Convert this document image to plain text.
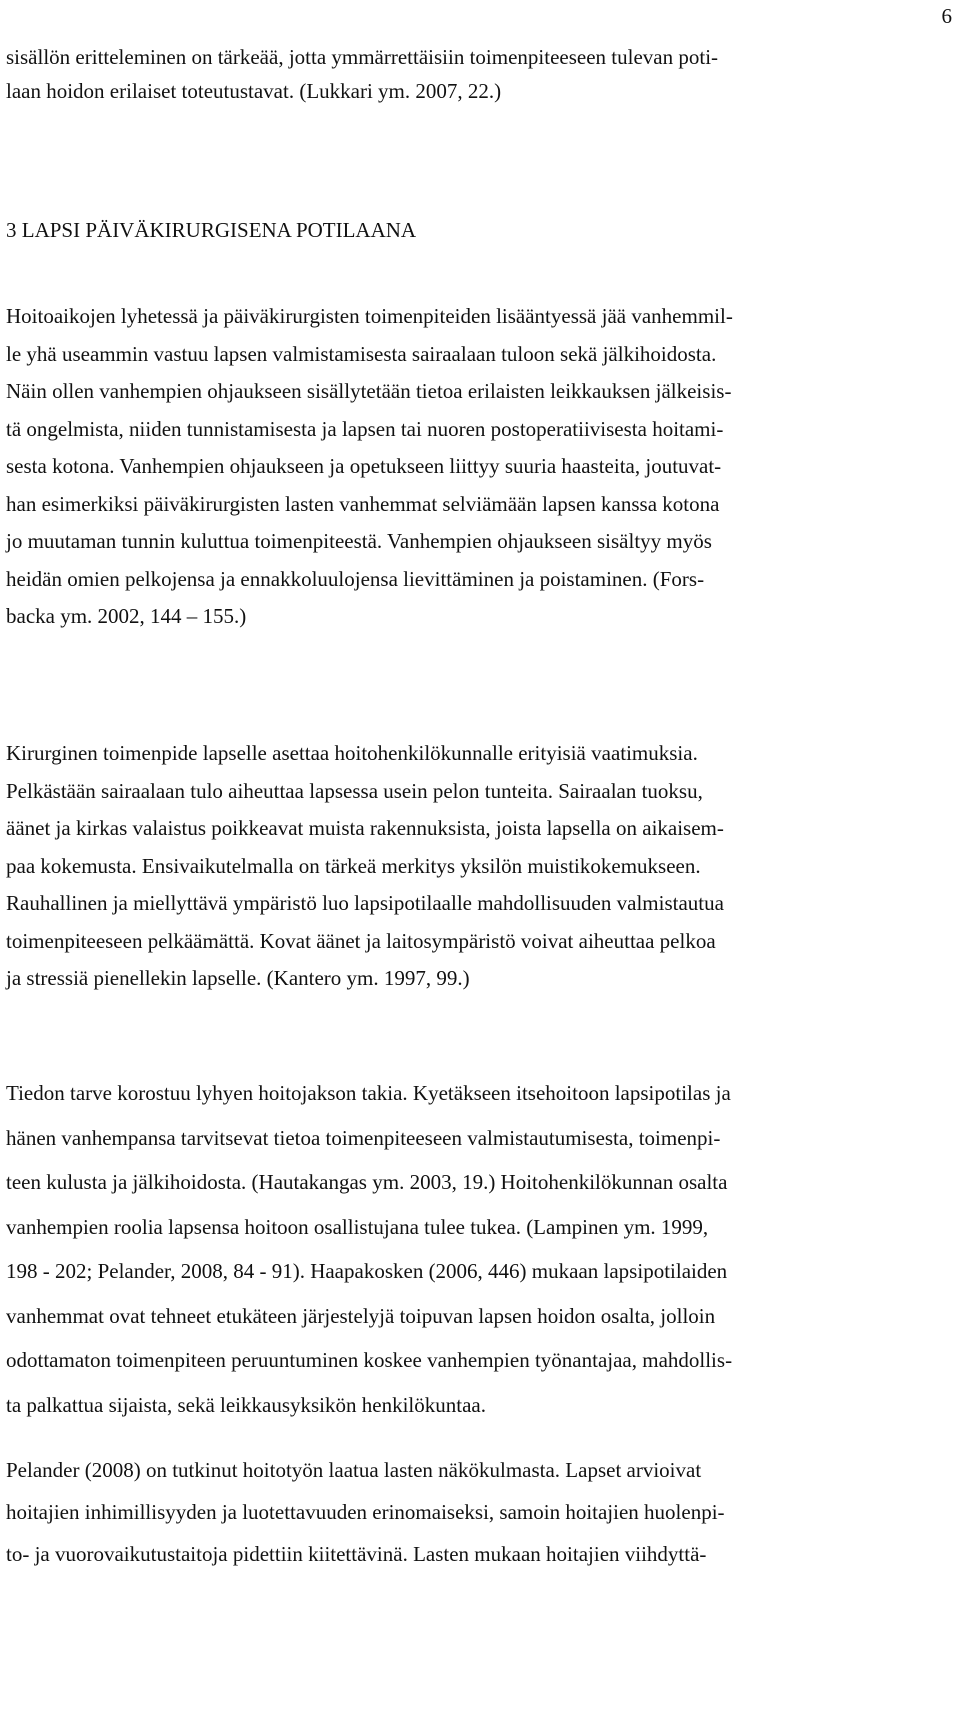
6
sisällön eritteleminen on tärkeää, jotta ymmärrettäisiin toimenpiteeseen tulevan poti-
laan hoidon erilaiset toteutustavat. (Lukkari ym. 2007, 22.)
3 LAPSI PÄIVÄKIRURGISENA POTILAANA
Hoitoaikojen lyhetessä ja päiväkirurgisten toimenpiteiden lisääntyessä jää vanhemmil-
le yhä useammin vastuu lapsen valmistamisesta sairaalaan tuloon sekä jälkihoidosta.
Näin ollen vanhempien ohjaukseen sisällytetään tietoa erilaisten leikkauksen jälkeisis-
tä ongelmista, niiden tunnistamisesta ja lapsen tai nuoren postoperatiivisesta hoitami-
sesta kotona. Vanhempien ohjaukseen ja opetukseen liittyy suuria haasteita, joutuvat-
han esimerkiksi päiväkirurgisten lasten vanhemmat selviämään lapsen kanssa kotona
jo muutaman tunnin kuluttua toimenpiteestä. Vanhempien ohjaukseen sisältyy myös
heidän omien pelkojensa ja ennakkoluulojensa lievittäminen ja poistaminen. (Fors-
backa ym. 2002, 144 – 155.)
Kirurginen toimenpide lapselle asettaa hoitohenkilökunnalle erityisiä vaatimuksia.
Pelkästään sairaalaan tulo aiheuttaa lapsessa usein pelon tunteita. Sairaalan tuoksu,
äänet ja kirkas valaistus poikkeavat muista rakennuksista, joista lapsella on aikaisem-
paa kokemusta. Ensivaikutelmalla on tärkeä merkitys yksilön muistikokemukseen.
Rauhallinen ja miellyttävä ympäristö luo lapsipotilaalle mahdollisuuden valmistautua
toimenpiteeseen pelkäämättä. Kovat äänet ja laitosympäristö voivat aiheuttaa pelkoa
ja stressiä pienellekin lapselle. (Kantero ym. 1997, 99.)
Tiedon tarve korostuu lyhyen hoitojakson takia. Kyetäkseen itsehoitoon lapsipotilas ja
hänen vanhempansa tarvitsevat tietoa toimenpiteeseen valmistautumisesta, toimenpi-
teen kulusta ja jälkihoidosta. (Hautakangas ym. 2003, 19.) Hoitohenkilökunnan osalta
vanhempien roolia lapsensa hoitoon osallistujana tulee tukea. (Lampinen ym. 1999,
198 - 202; Pelander, 2008, 84 - 91). Haapakosken (2006, 446) mukaan lapsipotilaiden
vanhemmat ovat tehneet etukäteen järjestelyjä toipuvan lapsen hoidon osalta, jolloin
odottamaton toimenpiteen peruuntuminen koskee vanhempien työnantajaa, mahdollis-
ta palkattua sijaista, sekä leikkausyksikön henkilökuntaa.
Pelander (2008) on tutkinut hoitotyön laatua lasten näkökulmasta. Lapset arvioivat
hoitajien inhimillisyyden ja luotettavuuden erinomaiseksi, samoin hoitajien huolenpi-
to- ja vuorovaikutustaitoja pidettiin kiitettävinä. Lasten mukaan hoitajien viihdyttä-
